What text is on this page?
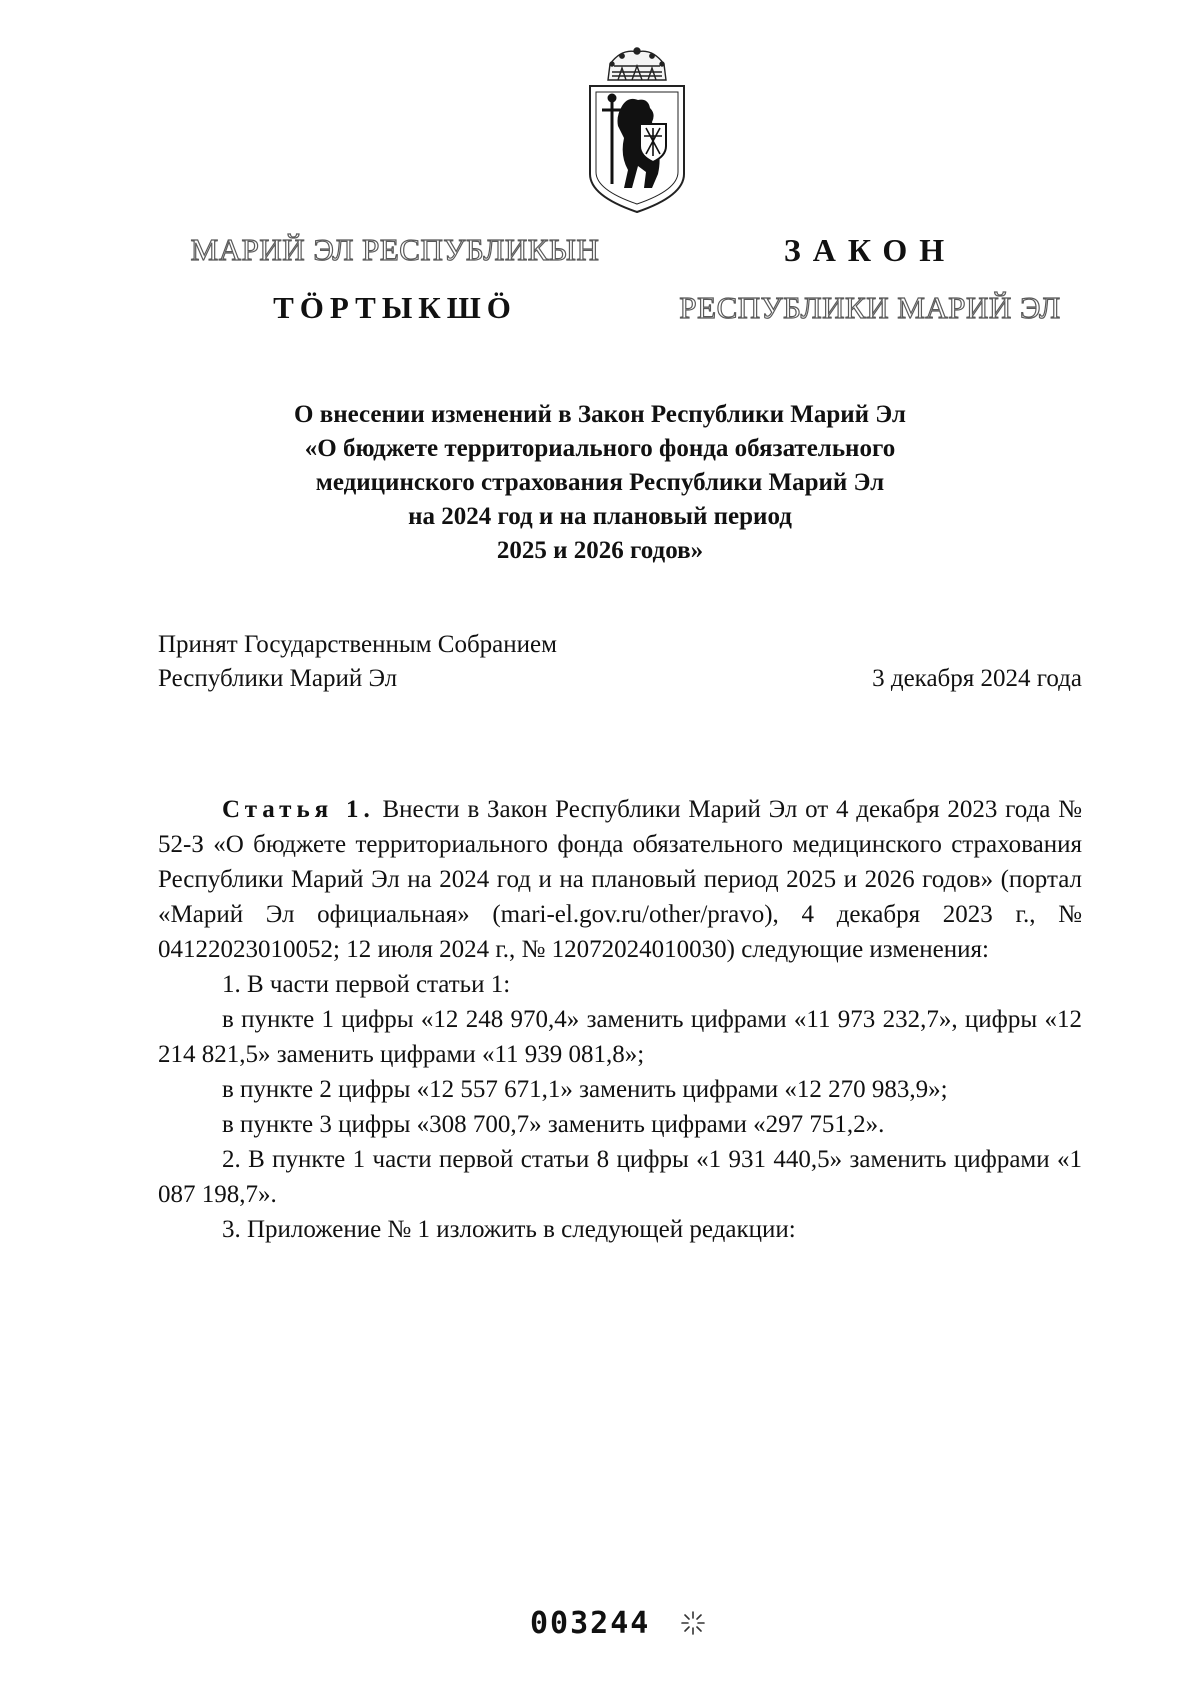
МАРИЙ ЭЛ РЕСПУБЛИКЫН
ТӦРТЫКШӦ
ЗАКОН
РЕСПУБЛИКИ МАРИЙ ЭЛ
О внесении изменений в Закон Республики Марий Эл
«О бюджете территориального фонда обязательного
медицинского страхования Республики Марий Эл
на 2024 год и на плановый период
2025 и 2026 годов»
Принят Государственным Собранием
Республики Марий Эл	3 декабря 2024 года

Статья 1. Внести в Закон Республики Марий Эл от 4 декабря 2023 года № 52-З «О бюджете территориального фонда обязательного медицинского страхования Республики Марий Эл на 2024 год и на плановый период 2025 и 2026 годов» (портал «Марий Эл официальная» (mari-el.gov.ru/other/pravo), 4 декабря 2023 г., № 04122023010052; 12 июля 2024 г., № 12072024010030) следующие изменения:

1. В части первой статьи 1:

в пункте 1 цифры «12 248 970,4» заменить цифрами «11 973 232,7», цифры «12 214 821,5» заменить цифрами «11 939 081,8»;

в пункте 2 цифры «12 557 671,1» заменить цифрами «12 270 983,9»;

в пункте 3 цифры «308 700,7» заменить цифрами «297 751,2».

2. В пункте 1 части первой статьи 8 цифры «1 931 440,5» заменить цифрами «1 087 198,7».

3. Приложение № 1 изложить в следующей редакции:

003244
